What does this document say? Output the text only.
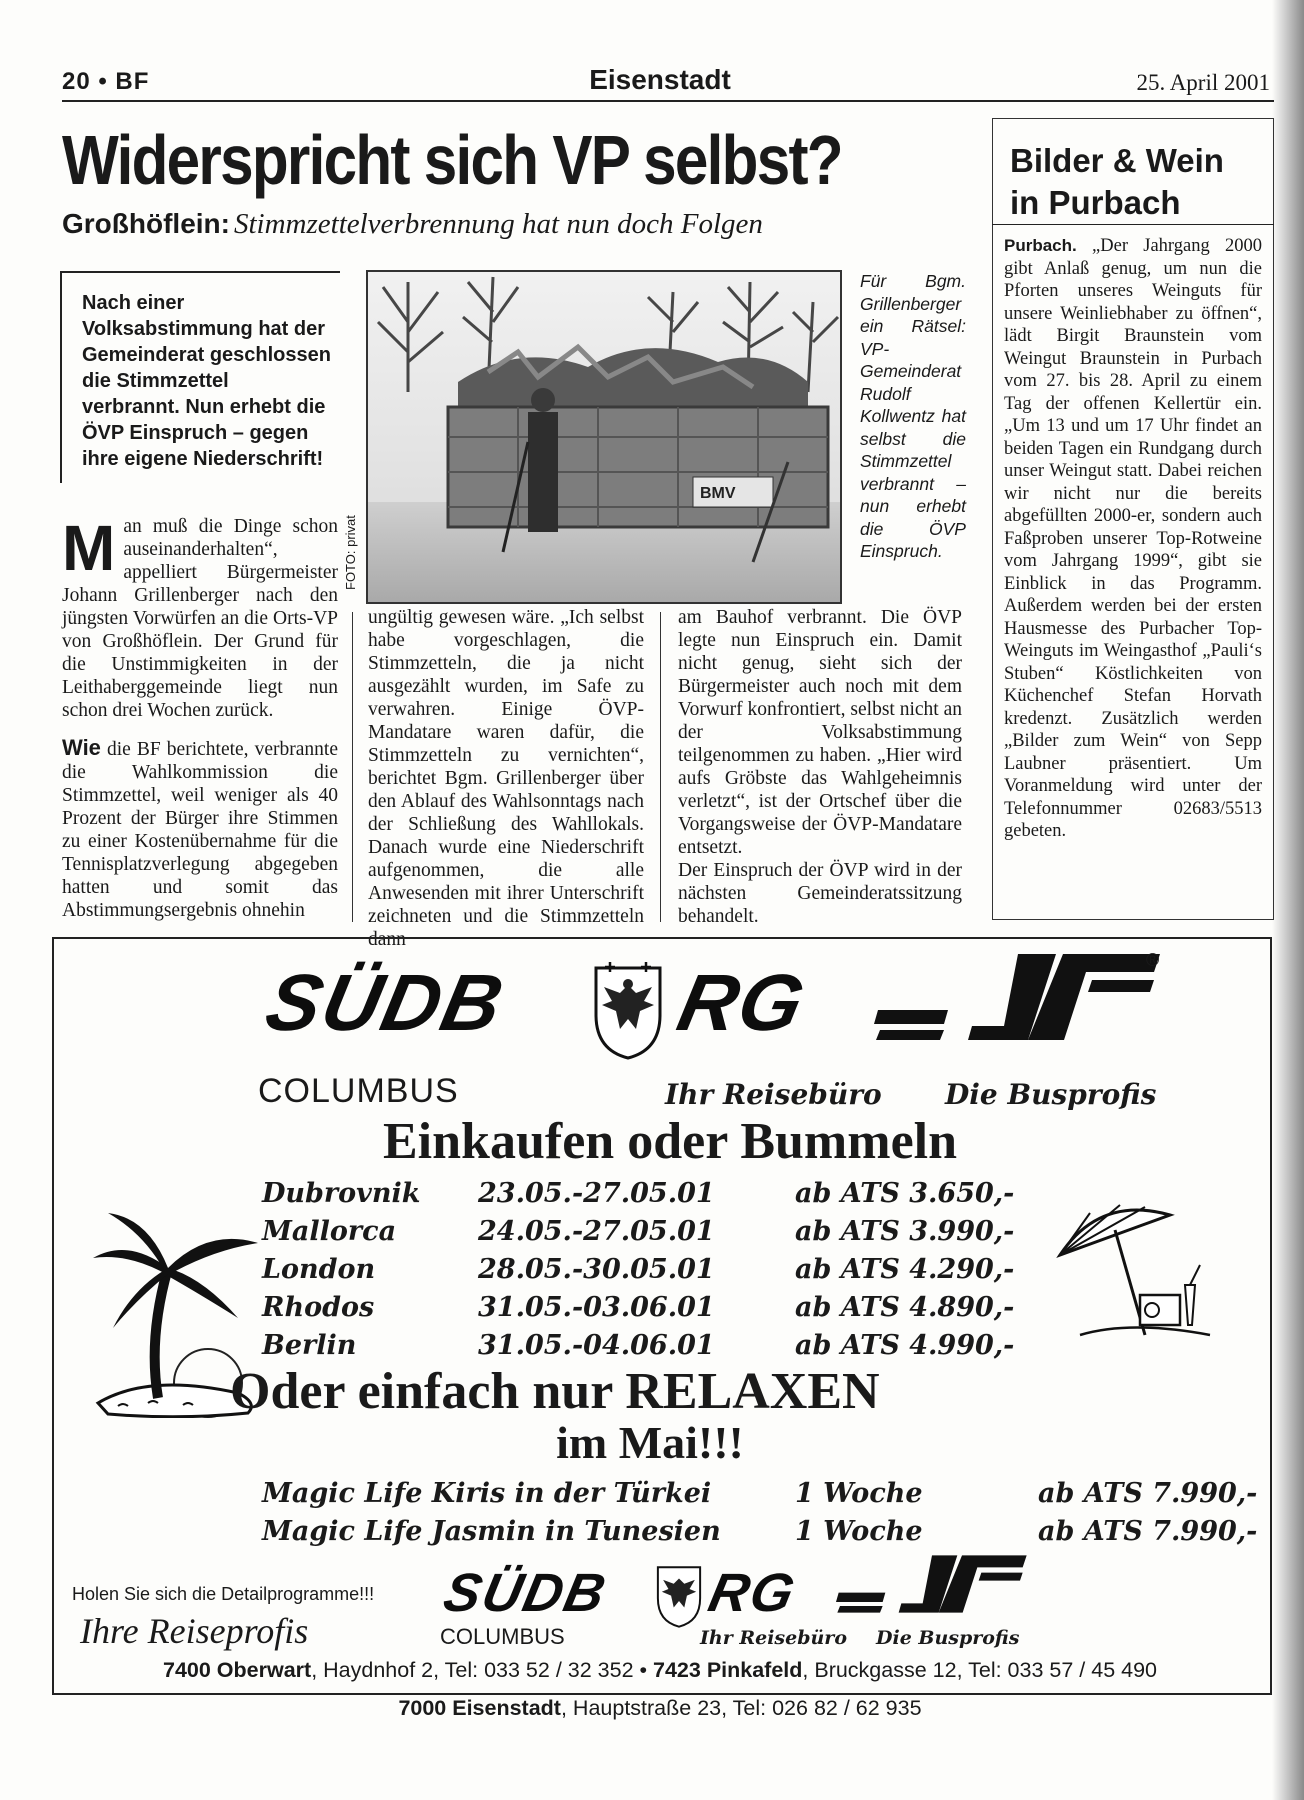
20 • BF	Eisenstadt	25. April 2001
Widerspricht sich VP selbst?
Großhöflein: Stimmzettelverbrennung hat nun doch Folgen
Nach einer Volksabstimmung hat der Gemeinderat geschlossen die Stimmzettel verbrannt. Nun erhebt die ÖVP Einspruch – gegen ihre eigene Niederschrift!
BMV
FOTO: privat
Für Bgm. Grillenberger ein Rätsel: VP-Gemeinderat Rudolf Kollwentz hat selbst die Stimmzettel verbrannt – nun erhebt die ÖVP Einspruch.

Man muß die Dinge schon auseinanderhalten“, appelliert Bürgermeister Johann Grillenberger nach den jüngsten Vorwürfen an die Orts-VP von Großhöflein. Der Grund für die Unstimmigkeiten in der Leithaberggemeinde liegt nun schon drei Wochen zurück.

Wie die BF berichtete, verbrannte die Wahlkommission die Stimmzettel, weil weniger als 40 Prozent der Bürger ihre Stimmen zu einer Kostenübernahme für die Tennisplatzverlegung abgegeben hatten und somit das Abstimmungsergebnis ohnehin

ungültig gewesen wäre. „Ich selbst habe vorgeschlagen, die Stimmzetteln, die ja nicht ausgezählt wurden, im Safe zu verwahren. Einige ÖVP-Mandatare waren dafür, die Stimmzetteln zu vernichten“, berichtet Bgm. Grillenberger über den Ablauf des Wahlsonntags nach der Schließung des Wahllokals. Danach wurde eine Niederschrift aufgenommen, die alle Anwesenden mit ihrer Unterschrift zeichneten und die Stimmzetteln dann

am Bauhof verbrannt. Die ÖVP legte nun Einspruch ein. Damit nicht genug, sieht sich der Bürgermeister auch noch mit dem Vorwurf konfrontiert, selbst nicht an der Volksabstimmung teilgenommen zu haben. „Hier wird aufs Gröbste das Wahlgeheimnis verletzt“, ist der Ortschef über die Vorgangsweise der ÖVP-Mandatare entsetzt.

Der Einspruch der ÖVP wird in der nächsten Gemeinderatssitzung behandelt.

Bilder & Wein in Purbach
Purbach. „Der Jahrgang 2000 gibt Anlaß genug, um nun die Pforten unseres Weinguts für unsere Weinliebhaber zu öffnen“, lädt Birgit Braunstein vom Weingut Braunstein in Purbach vom 27. bis 28. April zu einem Tag der offenen Kellertür ein. „Um 13 und um 17 Uhr findet an beiden Tagen ein Rundgang durch unser Weingut statt. Dabei reichen wir nicht nur die bereits abgefüllten 2000-er, sondern auch Faßproben unserer Top-Rotweine vom Jahrgang 1999“, gibt sie Einblick in das Programm. Außerdem werden bei der ersten Hausmesse des Purbacher Top-Weinguts im Weingasthof „Pauli‘s Stuben“ Köstlichkeiten von Küchenchef Stefan Horvath kredenzt. Zusätzlich werden „Bilder zum Wein“ von Sepp Laubner präsentiert. Um Voranmeldung wird unter der Telefonnummer 02683/5513 gebeten.
SÜDB RG	®
COLUMBUS	Ihr Reisebüro Die Busprofis
Einkaufen oder Bummeln
Dubrovnik 23.05.-27.05.01	ab ATS 3.650,-
Mallorca	24.05.-27.05.01	ab ATS 3.990,-
London	28.05.-30.05.01	ab ATS 4.290,-
Rhodos	31.05.-03.06.01	ab ATS 4.890,-
Berlin	31.05.-04.06.01	ab ATS 4.990,-
Oder einfach nur RELAXEN
im Mai!!!
Magic Life Kiris in der Türkei	1 Woche	ab ATS 7.990,-
Magic Life Jasmin in Tunesien	1 Woche	ab ATS 7.990,-
Holen Sie sich die Detailprogramme!!! SÜDB RG
Ihre Reiseprofis	COLUMBUS	Ihr Reisebüro Die Busprofis
7400 Oberwart, Haydnhof 2, Tel: 033 52 / 32 352 • 7423 Pinkafeld, Bruckgasse 12, Tel: 033 57 / 45 490
7000 Eisenstadt, Hauptstraße 23, Tel: 026 82 / 62 935
